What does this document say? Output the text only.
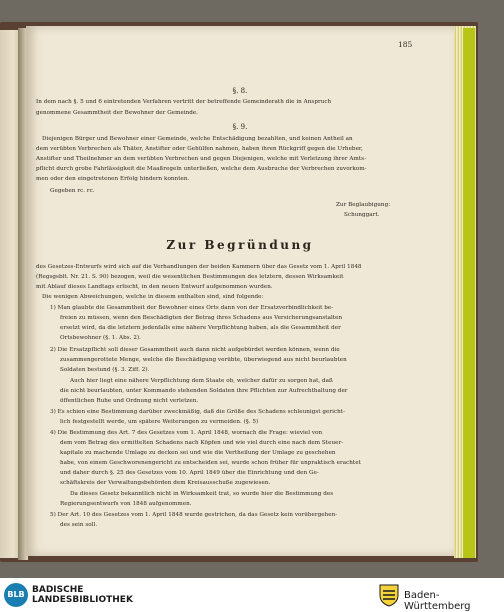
185
§. 8.
In dem nach §. 5 und 6 eintretenden Verfahren vertritt der betreffende Gemeinderath die in Anspruch
genommene Gesammtheit der Bewohner der Gemeinde.
§. 9.
Diejenigen Bürger und Bewohner einer Gemeinde, welche Entschädigung bezahlten, und keinen Antheil an
dem verübten Verbrechen als Thäter, Anstifter oder Gehülfen nahmen, haben ihren Rückgriff gegen die Urheber,
Anstifter und Theilnehmer an dem verübten Verbrechen und gegen Diejenigen, welche mit Verletzung ihrer Amts-
pflicht durch grobe Fahrlässigkeit die Maaßregeln unterließen, welche dem Ausbruche der Verbrechen zuvorkom-
men oder den eingetretenen Erfolg hindern konnten.
Gegeben rc. rc.
Zur Beglaubigung:
Schunggart.
Zur Begründung
des Gesetzes-Entwurfs wird sich auf die Verhandlungen der beiden Kammern über das Gesetz vom 1. April 1848
(Regsgsblt. Nr. 21. S. 90) bezogen, weil die wesentlichen Bestimmungen des letztern, dessen Wirksamkeit
mit Ablauf dieses Landtags erlischt, in den neuen Entwurf aufgenommen wurden.
Die wenigen Abweichungen, welche in diesem enthalten sind, sind folgende:
1) Man glaubte die Gesammtheit der Bewohner eines Orts dann von der Ersatzverbindlichkeit be-
freien zu müssen, wenn den Beschädigten der Betrag ihres Schadens aus Versicherungsanstalten
ersetzt wird, da die letztern jedenfalls eine nähere Verpflichtung haben, als die Gesammtheit der
Ortsbewohner (§. 1. Abs. 2).
2) Die Ersatzpflicht soll dieser Gesammtheit auch dann nicht aufgebürdet werden können, wenn die
zusammengerottete Menge, welche die Beschädigung verübte, überwiegend aus nicht beurlaubten
Soldaten bestund (§. 3. Ziff. 2).
Auch hier liegt eine nähere Verpflichtung dem Staate ob, welcher dafür zu sorgen hat, daß
die nicht beurlaubten, unter Kommando stehenden Soldaten ihre Pflichten zur Aufrechthaltung der
öffentlichen Ruhe und Ordnung nicht verletzen.
3) Es schien eine Bestimmung darüber zweckmäßig, daß die Größe des Schadens schleunigst gericht-
lich festgestellt werde, um spätere Weiterungen zu vermeiden. (§. 5)
4) Die Bestimmung des Art. 7 des Gesetzes vom 1. April 1848, wornach die Frage: wieviel von
dem vom Betrag des ermittelten Schadens nach Köpfen und wie viel durch eine nach dem Steuer-
kapitale zu machende Umlage zu decken sei und wie die Vertheilung der Umlage zu geschehen
habe, von einem Geschworenengericht zu entscheiden sei, wurde schon früher für unpraktisch erachtet
und daher durch §. 25 des Gesetzes vom 10. April 1849 über die Einrichtung und den Ge-
schäftskreis der Verwaltungsbehörden dem Kreisausschuße zugewiesen.
Da dieses Gesetz bekanntlich nicht in Wirksamkeit trat, so wurde hier die Bestimmung des
Regierungsentwurfs von 1848 aufgenommen.
5) Der Art. 10 des Gesetzes vom 1. April 1848 wurde gestrichen, da das Gesetz kein vorübergehen-
des sein soll.
BLB BADISCHE
LANDESBIBLIOTHEK	Baden-Württemberg
